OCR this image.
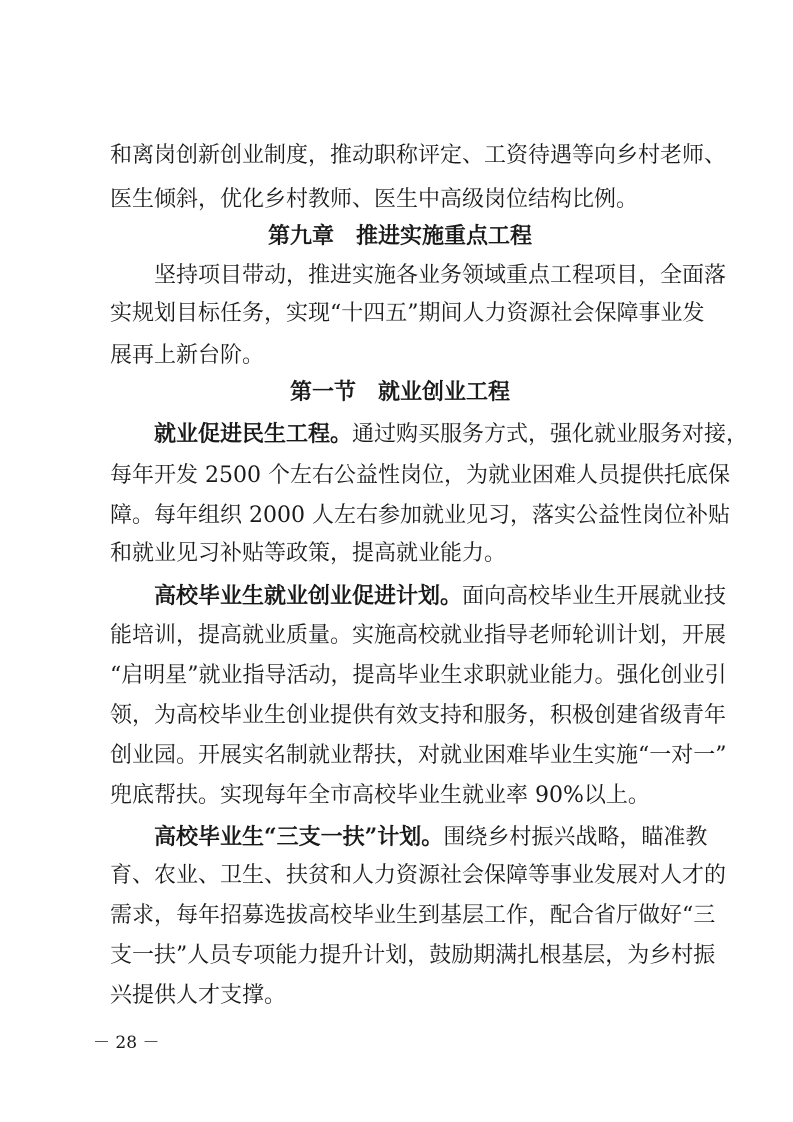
和离岗创新创业制度，推动职称评定、工资待遇等向乡村老师、
医生倾斜，优化乡村教师、医生中高级岗位结构比例。
第九章　推进实施重点工程
坚持项目带动，推进实施各业务领域重点工程项目，全面落
实规划目标任务，实现“十四五”期间人力资源社会保障事业发
展再上新台阶。
第一节　就业创业工程
就业促进民生工程。通过购买服务方式，强化就业服务对接，
每年开发 2500 个左右公益性岗位，为就业困难人员提供托底保
障。每年组织 2000 人左右参加就业见习，落实公益性岗位补贴
和就业见习补贴等政策，提高就业能力。
高校毕业生就业创业促进计划。面向高校毕业生开展就业技
能培训，提高就业质量。实施高校就业指导老师轮训计划，开展
“启明星”就业指导活动，提高毕业生求职就业能力。强化创业引
领，为高校毕业生创业提供有效支持和服务，积极创建省级青年
创业园。开展实名制就业帮扶，对就业困难毕业生实施“一对一”
兜底帮扶。实现每年全市高校毕业生就业率 90%以上。
高校毕业生“三支一扶”计划。围绕乡村振兴战略，瞄准教
育、农业、卫生、扶贫和人力资源社会保障等事业发展对人才的
需求，每年招募选拔高校毕业生到基层工作，配合省厅做好“三
支一扶”人员专项能力提升计划，鼓励期满扎根基层，为乡村振
兴提供人才支撑。
－ 28 －
